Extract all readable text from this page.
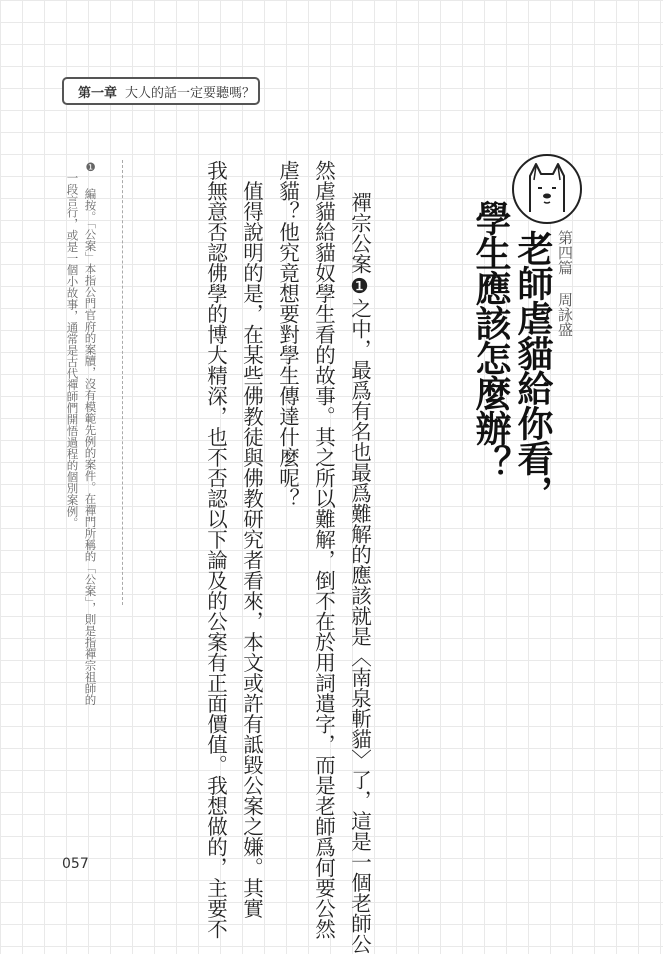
第一章 大人的話一定要聽嗎？
第四篇
周詠盛
老師虐貓給你看，
學生應該怎麼辦？
禪宗公案❶之中，最爲有名也最爲難解的應該就是〈南泉斬貓〉了，這是一個老師公
然虐貓給貓奴學生看的故事。其之所以難解，倒不在於用詞遣字，而是老師爲何要公然
虐貓？他究竟想要對學生傳達什麼呢？
　值得說明的是，在某些佛教徒與佛教研究者看來，本文或許有詆毀公案之嫌。其實
我無意否認佛學的博大精深，也不否認以下論及的公案有正面價值。我想做的，主要不
❶ 編按。「公案」本指公門官府的案牘，沒有模範先例的案件。在禪門所稱的「公案」，則是指禪宗祖師的
一段言行，或是一個小故事，通常是古代禪師們開悟過程的個別案例。
057
